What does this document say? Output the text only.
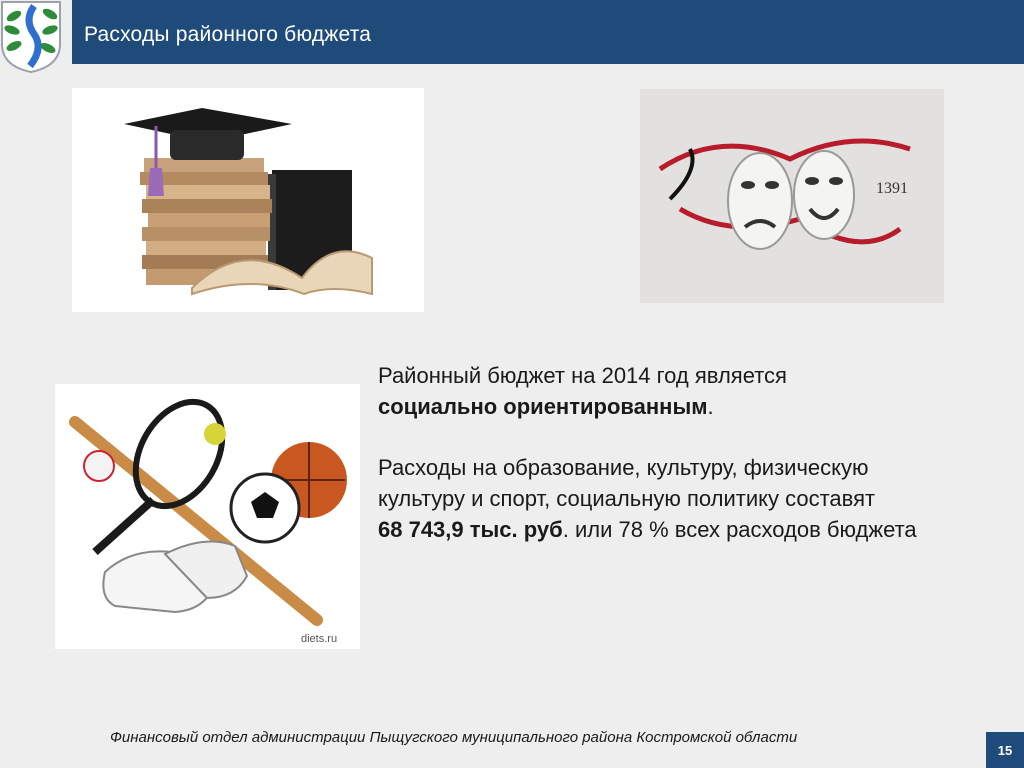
Расходы районного бюджета
1391
diets.ru
Районный бюджет на 2014 год является
социально ориентированным.
Расходы на образование, культуру, физическую
культуру и спорт, социальную политику составят
68 743,9 тыс. руб. или 78 % всех расходов бюджета
Финансовый отдел администрации Пыщугского муниципального района Костромской области
15
